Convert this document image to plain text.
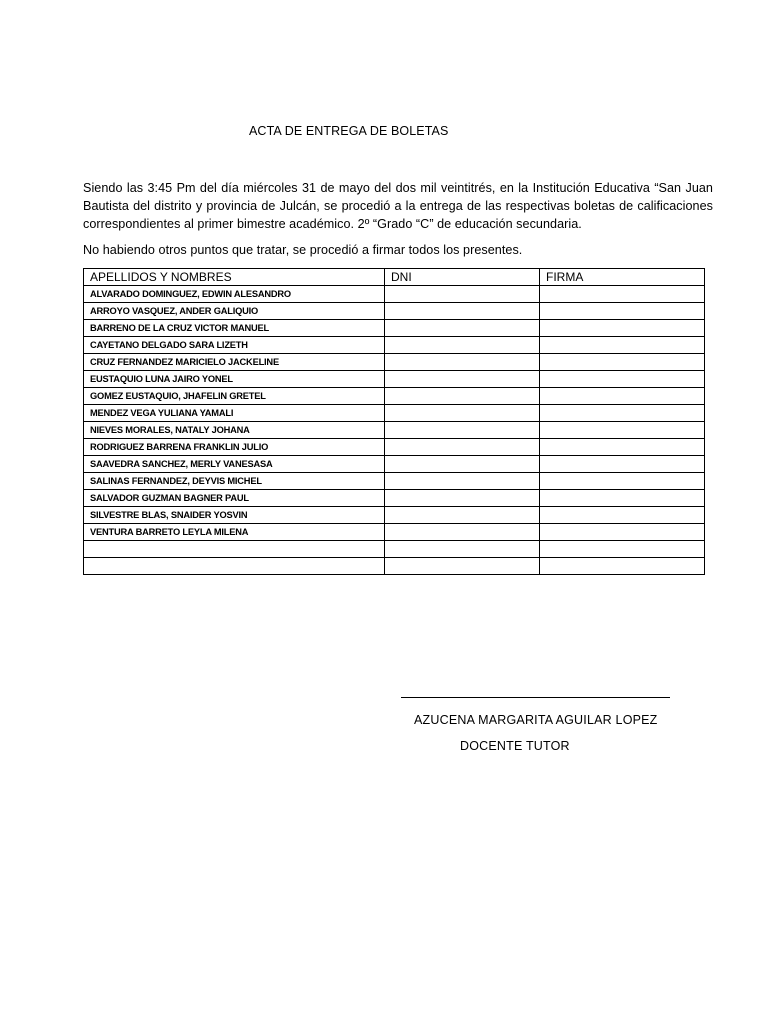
ACTA DE ENTREGA DE BOLETAS
Siendo las 3:45 Pm del día miércoles 31 de mayo del dos mil veintitrés, en la Institución Educativa “San Juan Bautista del distrito y provincia de Julcán, se procedió a la entrega de las respectivas boletas de calificaciones correspondientes al primer bimestre académico. 2º “Grado “C” de educación secundaria.
No habiendo otros puntos que tratar, se procedió a firmar todos los presentes.
APELLIDOS Y NOMBRES	DNI	FIRMA
ALVARADO DOMINGUEZ, EDWIN ALESANDRO		
ARROYO VASQUEZ, ANDER GALIQUIO		
BARRENO DE LA CRUZ VICTOR MANUEL		
CAYETANO DELGADO SARA LIZETH		
CRUZ FERNANDEZ MARICIELO JACKELINE		
EUSTAQUIO LUNA JAIRO YONEL		
GOMEZ EUSTAQUIO, JHAFELIN GRETEL		
MENDEZ VEGA YULIANA YAMALI		
NIEVES MORALES, NATALY JOHANA		
RODRIGUEZ BARRENA FRANKLIN JULIO		
SAAVEDRA SANCHEZ, MERLY VANESASA		
SALINAS FERNANDEZ, DEYVIS MICHEL		
SALVADOR GUZMAN BAGNER PAUL		
SILVESTRE BLAS, SNAIDER YOSVIN		
VENTURA BARRETO LEYLA MILENA		

AZUCENA MARGARITA AGUILAR LOPEZ
DOCENTE TUTOR
